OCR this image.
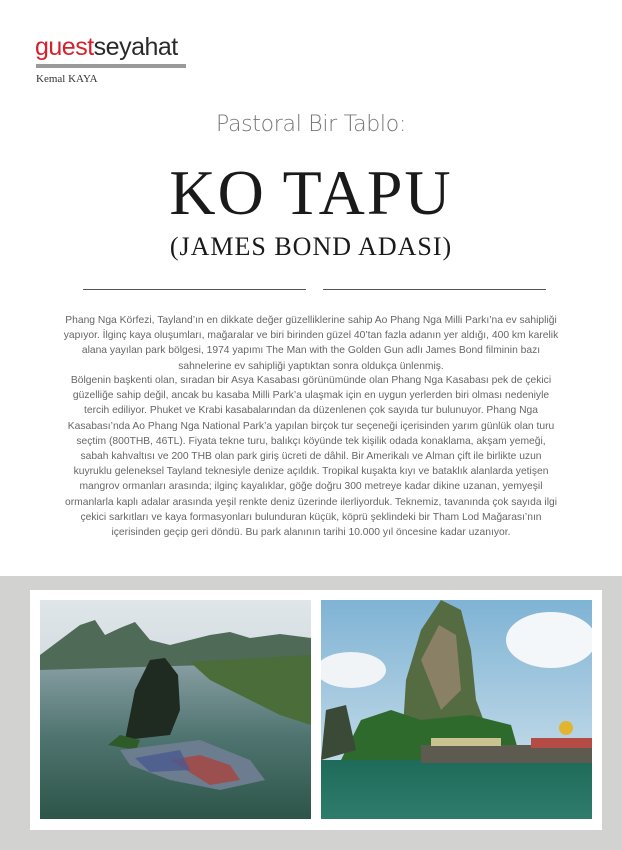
guestseyahat
Kemal KAYA
Pastoral Bir Tablo:
KO TAPU
(JAMES BOND ADASI)

Phang Nga Körfezi, Tayland’ın en dikkate değer güzelliklerine sahip Ao Phang Nga Milli Parkı’na ev sahipliği yapıyor. İlginç kaya oluşumları, mağaralar ve biri birinden güzel 40’tan fazla adanın yer aldığı, 400 km karelik alana yayılan park bölgesi, 1974 yapımı The Man with the Golden Gun adlı James Bond filminin bazı sahnelerine ev sahipliği yaptıktan sonra oldukça ünlenmiş.

Bölgenin başkenti olan, sıradan bir Asya Kasabası görünümünde olan Phang Nga Kasabası pek de çekici güzelliğe sahip değil, ancak bu kasaba Milli Park’a ulaşmak için en uygun yerlerden biri olması nedeniyle tercih ediliyor. Phuket ve Krabi kasabalarından da düzenlenen çok sayıda tur bulunuyor. Phang Nga Kasabası’nda Ao Phang Nga National Park’a yapılan birçok tur seçeneği içerisinden yarım günlük olan turu seçtim (800THB, 46TL). Fiyata tekne turu, balıkçı köyünde tek kişilik odada konaklama, akşam yemeği, sabah kahvaltısı ve 200 THB olan park giriş ücreti de dâhil. Bir Amerikalı ve Alman çift ile birlikte uzun kuyruklu geleneksel Tayland teknesiyle denize açıldık. Tropikal kuşakta kıyı ve bataklık alanlarda yetişen mangrov ormanları arasında; ilginç kayalıklar, göğe doğru 300 metreye kadar dikine uzanan, yemyeşil ormanlarla kaplı adalar arasında yeşil renkte deniz üzerinde ilerliyorduk. Teknemiz, tavanında çok sayıda ilgi çekici sarkıtları ve kaya formasyonları bulunduran küçük, köprü şeklindeki bir Tham Lod Mağarası’nın içerisinden geçip geri döndü. Bu park alanının tarihi 10.000 yıl öncesine kadar uzanıyor.
